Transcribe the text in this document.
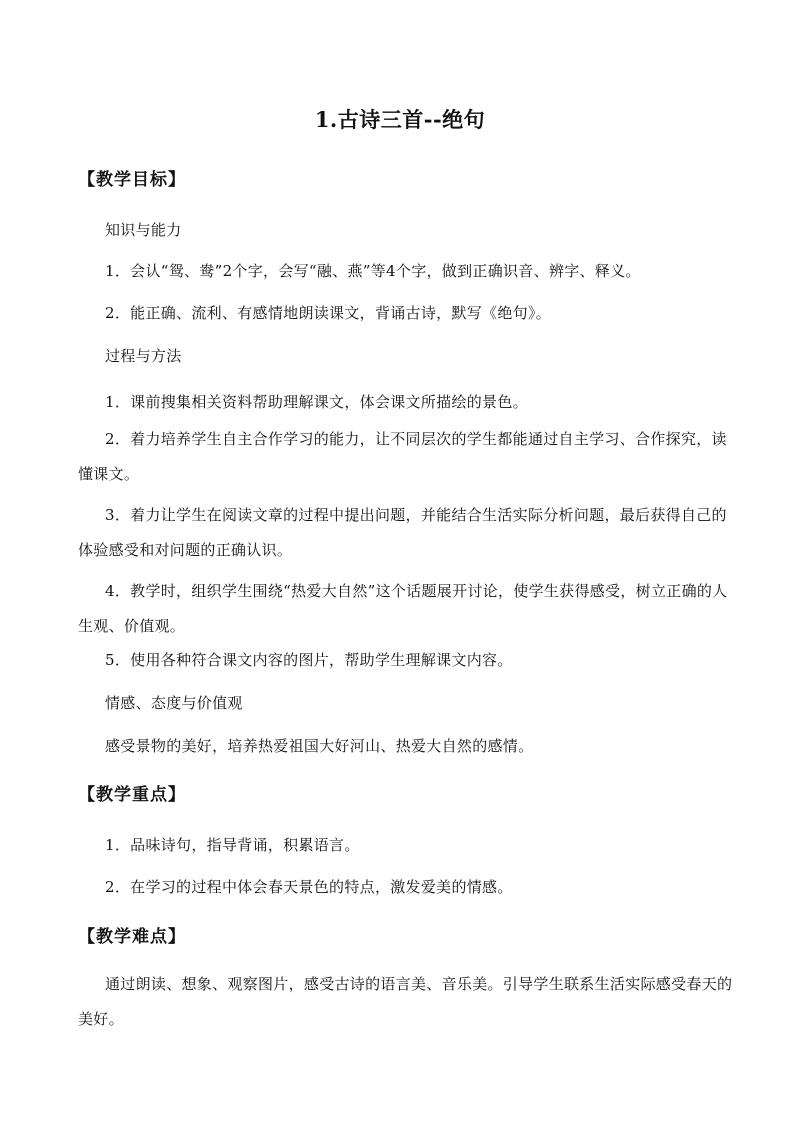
1.古诗三首--绝句
【教学目标】

知识与能力

1．会认“鸳、鸯”2个字，会写“融、燕”等4个字，做到正确识音、辨字、释义。

2．能正确、流利、有感情地朗读课文，背诵古诗，默写《绝句》。

过程与方法

1．课前搜集相关资料帮助理解课文，体会课文所描绘的景色。

2．着力培养学生自主合作学习的能力，让不同层次的学生都能通过自主学习、合作探究，读懂课文。

3．着力让学生在阅读文章的过程中提出问题，并能结合生活实际分析问题，最后获得自己的体验感受和对问题的正确认识。

4．教学时，组织学生围绕“热爱大自然”这个话题展开讨论，使学生获得感受，树立正确的人生观、价值观。

5．使用各种符合课文内容的图片，帮助学生理解课文内容。

情感、态度与价值观

感受景物的美好，培养热爱祖国大好河山、热爱大自然的感情。

【教学重点】

1．品味诗句，指导背诵，积累语言。

2．在学习的过程中体会春天景色的特点，激发爱美的情感。

【教学难点】

通过朗读、想象、观察图片，感受古诗的语言美、音乐美。引导学生联系生活实际感受春天的美好。
